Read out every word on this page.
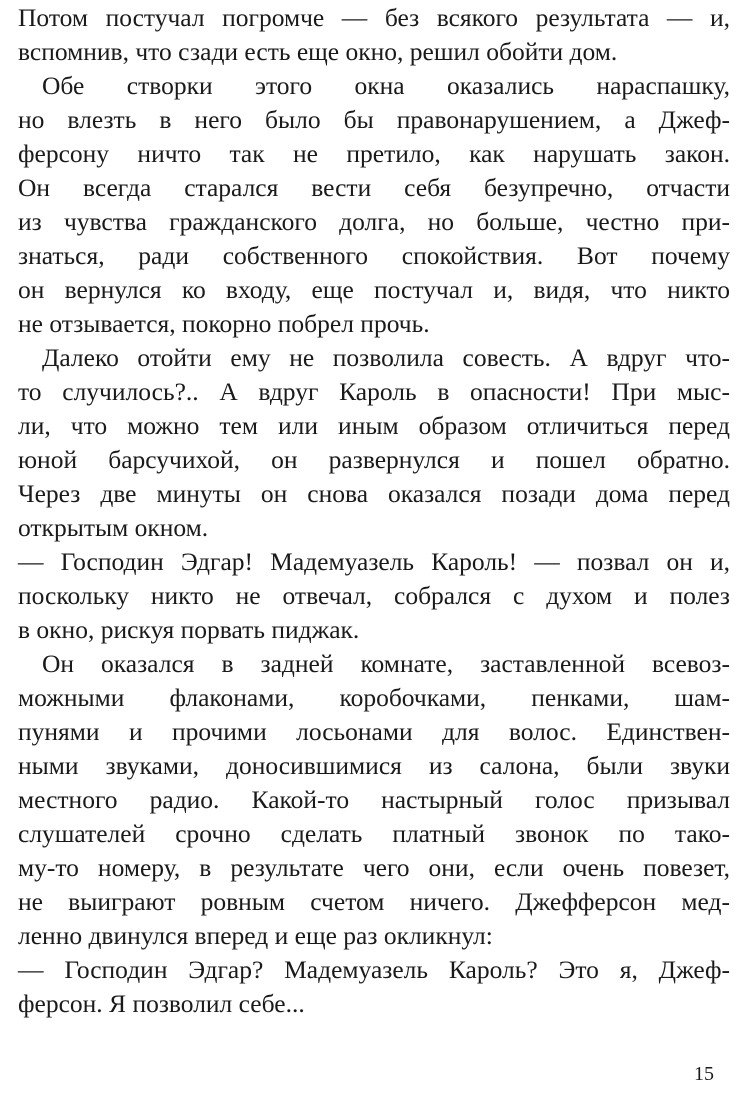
Потом постучал погромче — без всякого результата — и,
вспомнив, что сзади есть еще окно, решил обойти дом.
Обе створки этого окна оказались нараспашку,
но влезть в него было бы правонарушением, а Джеф-
ферсону ничто так не претило, как нарушать закон.
Он всегда старался вести себя безупречно, отчасти
из чувства гражданского долга, но больше, честно при-
знаться, ради собственного спокойствия. Вот почему
он вернулся ко входу, еще постучал и, видя, что никто
не отзывается, покорно побрел прочь.
Далеко отойти ему не позволила совесть. А вдруг что-
то случилось?.. А вдруг Кароль в опасности! При мыс-
ли, что можно тем или иным образом отличиться перед
юной барсучихой, он развернулся и пошел обратно.
Через две минуты он снова оказался позади дома перед
открытым окном.
— Господин Эдгар! Мадемуазель Кароль! — позвал он и,
поскольку никто не отвечал, собрался с духом и полез
в окно, рискуя порвать пиджак.
Он оказался в задней комнате, заставленной всевоз-
можными флаконами, коробочками, пенками, шам-
пунями и прочими лосьонами для волос. Единствен-
ными звуками, доносившимися из салона, были звуки
местного радио. Какой-то настырный голос призывал
слушателей срочно сделать платный звонок по тако-
му-то номеру, в результате чего они, если очень повезет,
не выиграют ровным счетом ничего. Джефферсон мед-
ленно двинулся вперед и еще раз окликнул:
— Господин Эдгар? Мадемуазель Кароль? Это я, Джеф-
ферсон. Я позволил себе...
15
